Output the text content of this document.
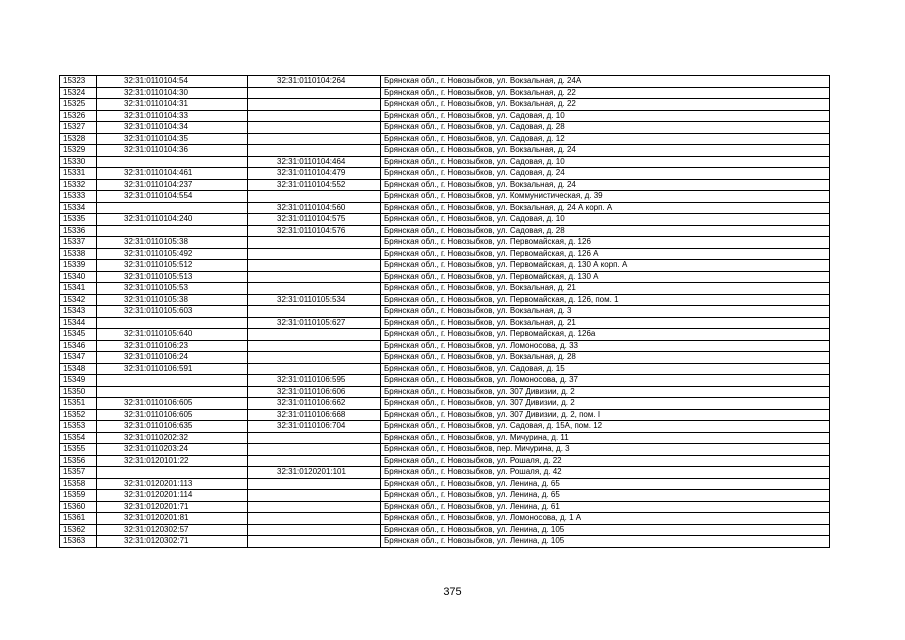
15323	32:31:0110104:54	32:31:0110104:264	Брянская обл., г. Новозыбков, ул. Вокзальная, д. 24А
15324	32:31:0110104:30		Брянская обл., г. Новозыбков, ул. Вокзальная, д. 22
15325	32:31:0110104:31		Брянская обл., г. Новозыбков, ул. Вокзальная, д. 22
15326	32:31:0110104:33		Брянская обл., г. Новозыбков, ул. Садовая, д. 10
15327	32:31:0110104:34		Брянская обл., г. Новозыбков, ул. Садовая, д. 28
15328	32:31:0110104:35		Брянская обл., г. Новозыбков, ул. Садовая, д. 12
15329	32:31:0110104:36		Брянская обл., г. Новозыбков, ул. Вокзальная, д. 24
15330		32:31:0110104:464	Брянская обл., г. Новозыбков, ул. Садовая, д. 10
15331	32:31:0110104:461	32:31:0110104:479	Брянская обл., г. Новозыбков, ул. Садовая, д. 24
15332	32:31:0110104:237	32:31:0110104:552	Брянская обл., г. Новозыбков, ул. Вокзальная, д. 24
15333	32:31:0110104:554		Брянская обл., г. Новозыбков, ул. Коммунистическая, д. 39
15334		32:31:0110104:560	Брянская обл., г. Новозыбков, ул. Вокзальная, д. 24 А корп. А
15335	32:31:0110104:240	32:31:0110104:575	Брянская обл., г. Новозыбков, ул. Садовая, д. 10
15336		32:31:0110104:576	Брянская обл., г. Новозыбков, ул. Садовая, д. 28
15337	32:31:0110105:38		Брянская обл., г. Новозыбков, ул. Первомайская, д. 126
15338	32:31:0110105:492		Брянская обл., г. Новозыбков, ул. Первомайская, д. 126 А
15339	32:31:0110105:512		Брянская обл., г. Новозыбков, ул. Первомайская, д. 130 А корп. А
15340	32:31:0110105:513		Брянская обл., г. Новозыбков, ул. Первомайская, д. 130 А
15341	32:31:0110105:53		Брянская обл., г. Новозыбков, ул. Вокзальная, д. 21
15342	32:31:0110105:38	32:31:0110105:534	Брянская обл., г. Новозыбков, ул. Первомайская, д. 126, пом. 1
15343	32:31:0110105:603		Брянская обл., г. Новозыбков, ул. Вокзальная, д. 3
15344		32:31:0110105:627	Брянская обл., г. Новозыбков, ул. Вокзальная, д. 21
15345	32:31:0110105:640		Брянская обл., г. Новозыбков, ул. Первомайская, д. 126а
15346	32:31:0110106:23		Брянская обл., г. Новозыбков, ул. Ломоносова, д. 33
15347	32:31:0110106:24		Брянская обл., г. Новозыбков, ул. Вокзальная, д. 28
15348	32:31:0110106:591		Брянская обл., г. Новозыбков, ул. Садовая, д. 15
15349		32:31:0110106:595	Брянская обл., г. Новозыбков, ул. Ломоносова, д. 37
15350		32:31:0110106:606	Брянская обл., г. Новозыбков, ул. 307 Дивизии, д. 2
15351	32:31:0110106:605	32:31:0110106:662	Брянская обл., г. Новозыбков, ул. 307 Дивизии, д. 2
15352	32:31:0110106:605	32:31:0110106:668	Брянская обл., г. Новозыбков, ул. 307 Дивизии, д. 2, пом. I
15353	32:31:0110106:635	32:31:0110106:704	Брянская обл., г. Новозыбков, ул. Садовая, д. 15А, пом. 12
15354	32:31:0110202:32		Брянская обл., г. Новозыбков, ул. Мичурина, д. 11
15355	32:31:0110203:24		Брянская обл., г. Новозыбков, пер. Мичурина, д. 3
15356	32:31:0120101:22		Брянская обл., г. Новозыбков, ул. Рошаля, д. 22
15357		32:31:0120201:101	Брянская обл., г. Новозыбков, ул. Рошаля, д. 42
15358	32:31:0120201:113		Брянская обл., г. Новозыбков, ул. Ленина, д. 65
15359	32:31:0120201:114		Брянская обл., г. Новозыбков, ул. Ленина, д. 65
15360	32:31:0120201:71		Брянская обл., г. Новозыбков, ул. Ленина, д. 61
15361	32:31:0120201:81		Брянская обл., г. Новозыбков, ул. Ломоносова, д. 1 А
15362	32:31:0120302:57		Брянская обл., г. Новозыбков, ул. Ленина, д. 105
15363	32:31:0120302:71		Брянская обл., г. Новозыбков, ул. Ленина, д. 105
375
